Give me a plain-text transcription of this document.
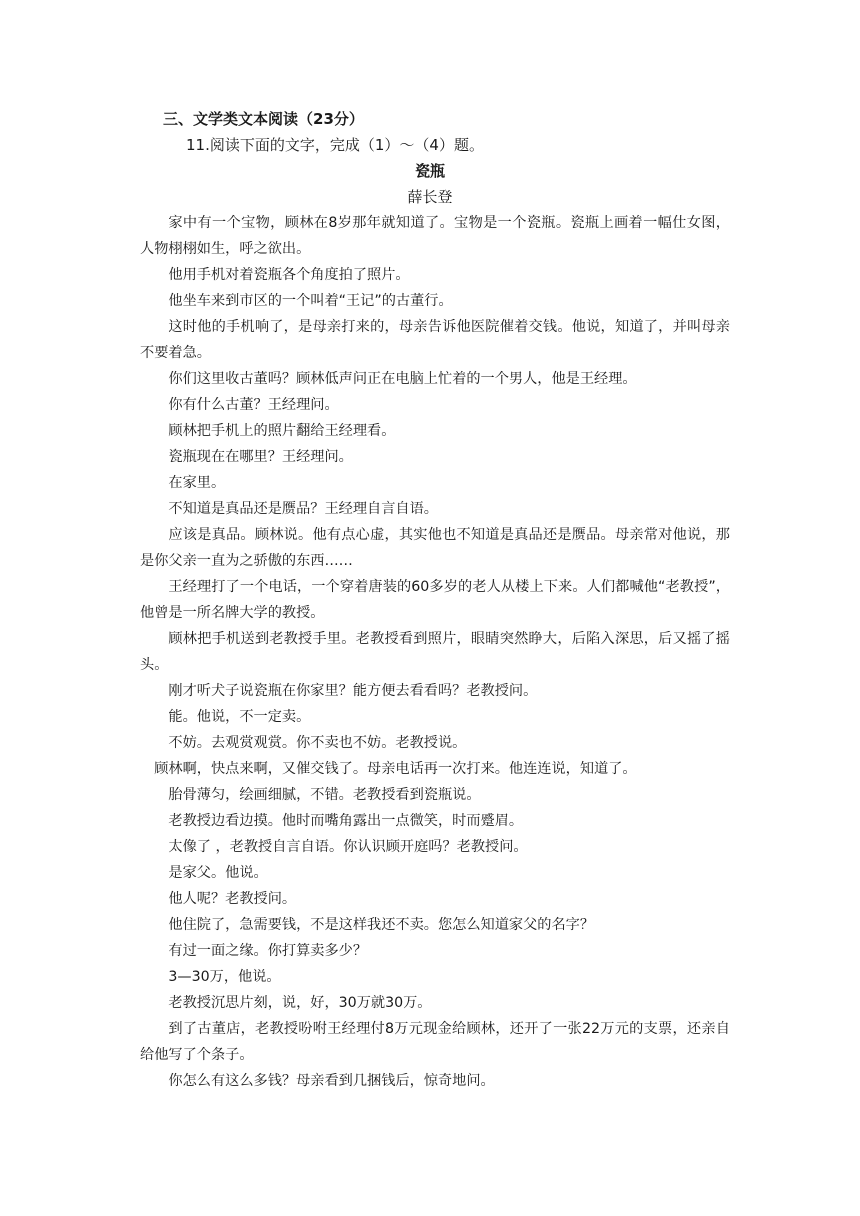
三、文学类文本阅读（23分）
11.阅读下面的文字，完成（1）～（4）题。
瓷瓶
薛长登

家中有一个宝物，顾林在8岁那年就知道了。宝物是一个瓷瓶。瓷瓶上画着一幅仕女图，人物栩栩如生，呼之欲出。

他用手机对着瓷瓶各个角度拍了照片。

他坐车来到市区的一个叫着“王记”的古董行。

这时他的手机响了，是母亲打来的，母亲告诉他医院催着交钱。他说，知道了，并叫母亲不要着急。

你们这里收古董吗？顾林低声问正在电脑上忙着的一个男人，他是王经理。

你有什么古董？王经理问。

顾林把手机上的照片翻给王经理看。

瓷瓶现在在哪里？王经理问。

在家里。

不知道是真品还是赝品？王经理自言自语。

应该是真品。顾林说。他有点心虚，其实他也不知道是真品还是赝品。母亲常对他说，那是你父亲一直为之骄傲的东西……

王经理打了一个电话，一个穿着唐装的60多岁的老人从楼上下来。人们都喊他“老教授”，他曾是一所名牌大学的教授。

顾林把手机送到老教授手里。老教授看到照片，眼睛突然睁大，后陷入深思，后又摇了摇头。

刚才听犬子说瓷瓶在你家里？能方便去看看吗？老教授问。

能。他说，不一定卖。

不妨。去观赏观赏。你不卖也不妨。老教授说。

顾林啊，快点来啊，又催交钱了。母亲电话再一次打来。他连连说，知道了。

胎骨薄匀，绘画细腻，不错。老教授看到瓷瓶说。

老教授边看边摸。他时而嘴角露出一点微笑，时而蹙眉。

太像了 ，老教授自言自语。你认识顾开庭吗？老教授问。

是家父。他说。

他人呢？老教授问。

他住院了，急需要钱，不是这样我还不卖。您怎么知道家父的名字？

有过一面之缘。你打算卖多少？

3—30万，他说。

老教授沉思片刻，说，好，30万就30万。

到了古董店，老教授吩咐王经理付8万元现金给顾林，还开了一张22万元的支票，还亲自给他写了个条子。

你怎么有这么多钱？母亲看到几捆钱后，惊奇地问。
